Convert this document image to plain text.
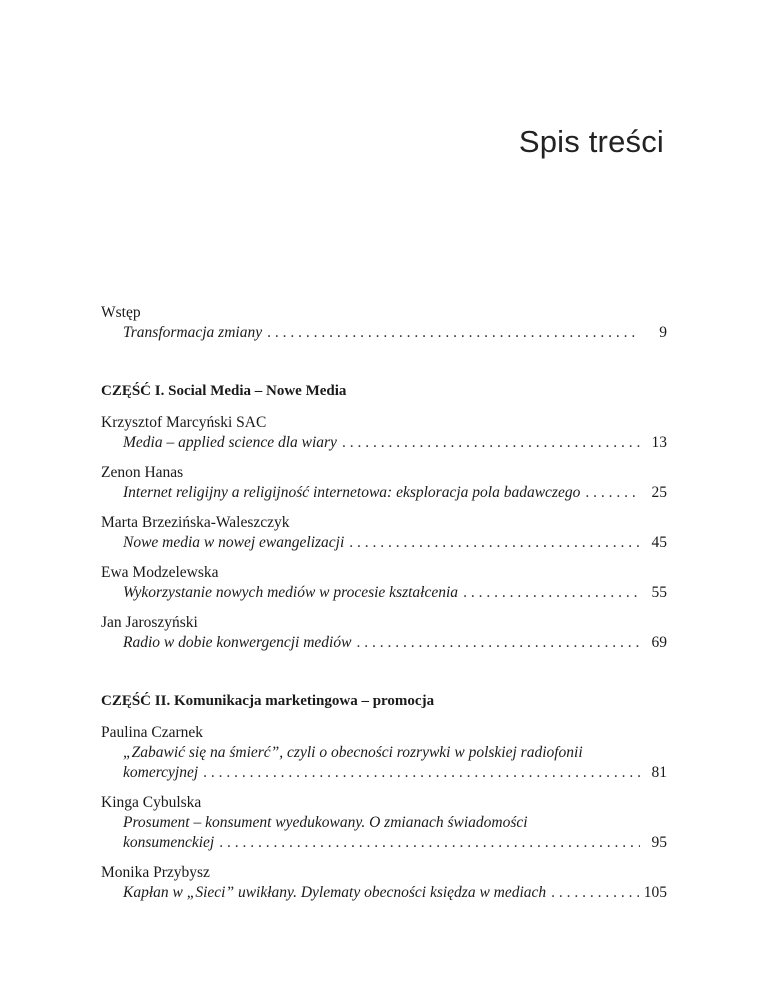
Spis treści
Wstęp
Transformacja zmiany . . .	9
CZĘŚĆ I. Social Media – Nowe Media
Krzysztof Marcyński SAC
Media – applied science dla wiary . . .	13
Zenon Hanas
Internet religijny a religijność internetowa: eksploracja pola badawczego . . .	25
Marta Brzezińska-Waleszczyk
Nowe media w nowej ewangelizacji . . .	45
Ewa Modzelewska
Wykorzystanie nowych mediów w procesie kształcenia . . .	55
Jan Jaroszyński
Radio w dobie konwergencji mediów . . .	69
CZĘŚĆ II. Komunikacja marketingowa – promocja
Paulina Czarnek
„Zabawić się na śmierć”, czyli o obecności rozrywki w polskiej radiofonii
komercyjnej . . .	81
Kinga Cybulska
Prosument – konsument wyedukowany. O zmianach świadomości
konsumenckiej . . .	95
Monika Przybysz
Kapłan w „Sieci” uwikłany. Dylematy obecności księdza w mediach . . .	105
